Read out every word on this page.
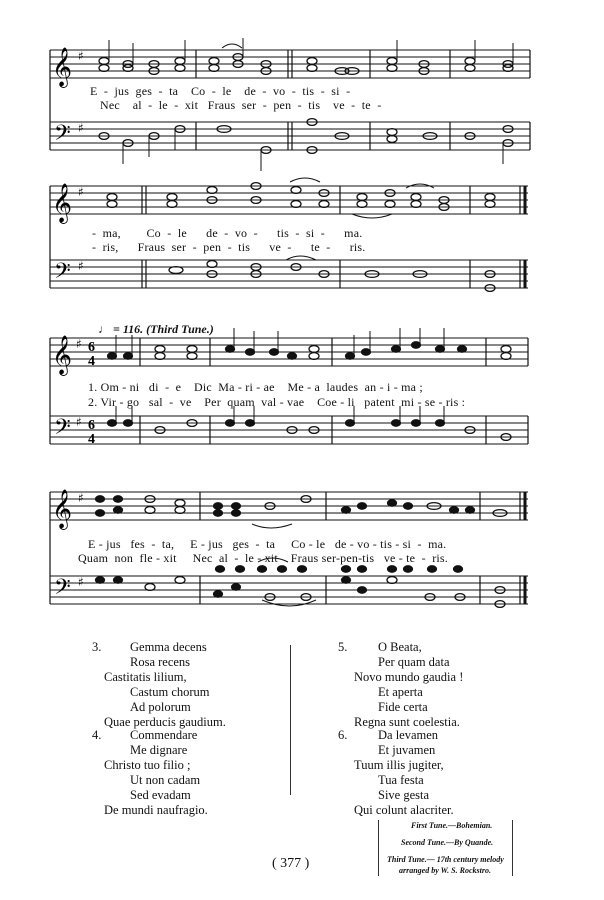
𝄞
𝄢
♯
♯
E  -  jus  ges  -  ta    Co  -  le    de  -  vo  -  tis  -  si  -
Nec    al  -  le  -  xit   Fraus  ser  -  pen  -  tis    ve  -  te  -
𝄞
𝄢
♯
♯
-  ma,        Co  -  le      de  -  vo  -      tis  -  si  -      ma.
-  ris,      Fraus  ser  -  pen  -  tis      ve  -      te  -      ris.
♩ = 116. (Third Tune.)
𝄞
𝄢
♯
♯
6
4
6
4
1. Om - ni   di  -  e    Dic  Ma - ri - ae    Me - a  laudes  an - i - ma ;
2. Vir - go   sal  -  ve    Per  quam  val - vae    Coe - li   patent  mi - se - ris :
𝄞
𝄢
♯
♯
E - jus   fes  -  ta,     E - jus   ges  -  ta     Co - le   de - vo - tis - si  -  ma.
Quam  non  fle - xit     Nec  al  -  le - xit    Fraus ser-pen-tis   ve - te  -  ris.
3.	Gemma decens
Rosa recens
Castitatis lilium,
Castum chorum
Ad polorum
Quae perducis gaudium.
4.	Commendare
Me dignare
Christo tuo filio ;
Ut non cadam
Sed evadam
De mundi naufragio.
5.	O Beata,
Per quam data
Novo mundo gaudia !
Et aperta
Fide certa
Regna sunt coelestia.
6.	Da levamen
Et juvamen
Tuum illis jugiter,
Tua festa
Sive gesta
Qui colunt alacriter.
First Tune.—Bohemian.
Second Tune.—By Quande.
Third Tune.— 17th century melody
arranged by W. S. Rockstro.
( 377 )
